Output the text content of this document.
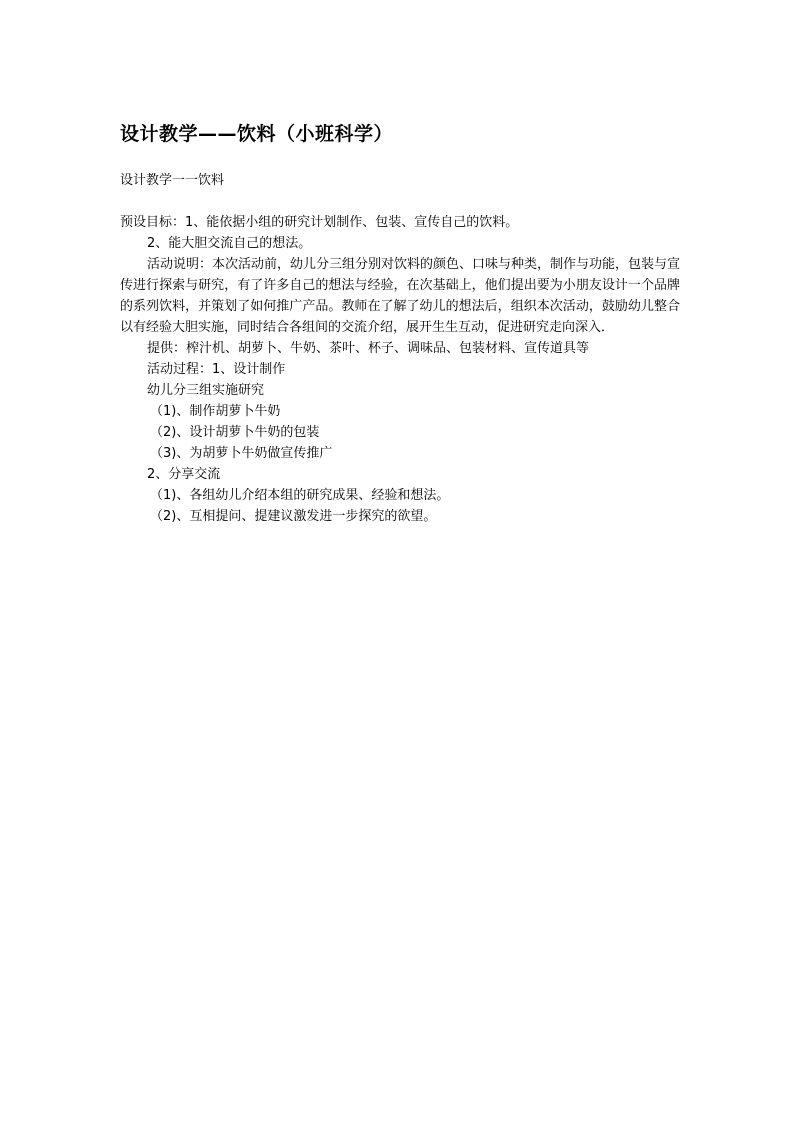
设计教学——饮料（小班科学）

设计教学一一饮料

预设目标：1、能依据小组的研究计划制作、包装、宣传自己的饮料。

2、能大胆交流自己的想法。

活动说明：本次活动前，幼儿分三组分别对饮料的颜色、口味与种类，制作与功能，包装与宣传进行探索与研究，有了许多自己的想法与经验，在次基础上，他们提出要为小朋友设计一个品牌的系列饮料，并策划了如何推广产品。教师在了解了幼儿的想法后，组织本次活动，鼓励幼儿整合以有经验大胆实施，同时结合各组间的交流介绍，展开生生互动，促进研究走向深入．

提供：榨汁机、胡萝卜、牛奶、茶叶、杯子、调味品、包装材料、宣传道具等

活动过程：1、设计制作

幼儿分三组实施研究

（1)、制作胡萝卜牛奶

（2)、设计胡萝卜牛奶的包装

（3)、为胡萝卜牛奶做宣传推广

2、分享交流

（1)、各组幼儿介绍本组的研究成果、经验和想法。

（2)、互相提问、提建议激发进一步探究的欲望。
